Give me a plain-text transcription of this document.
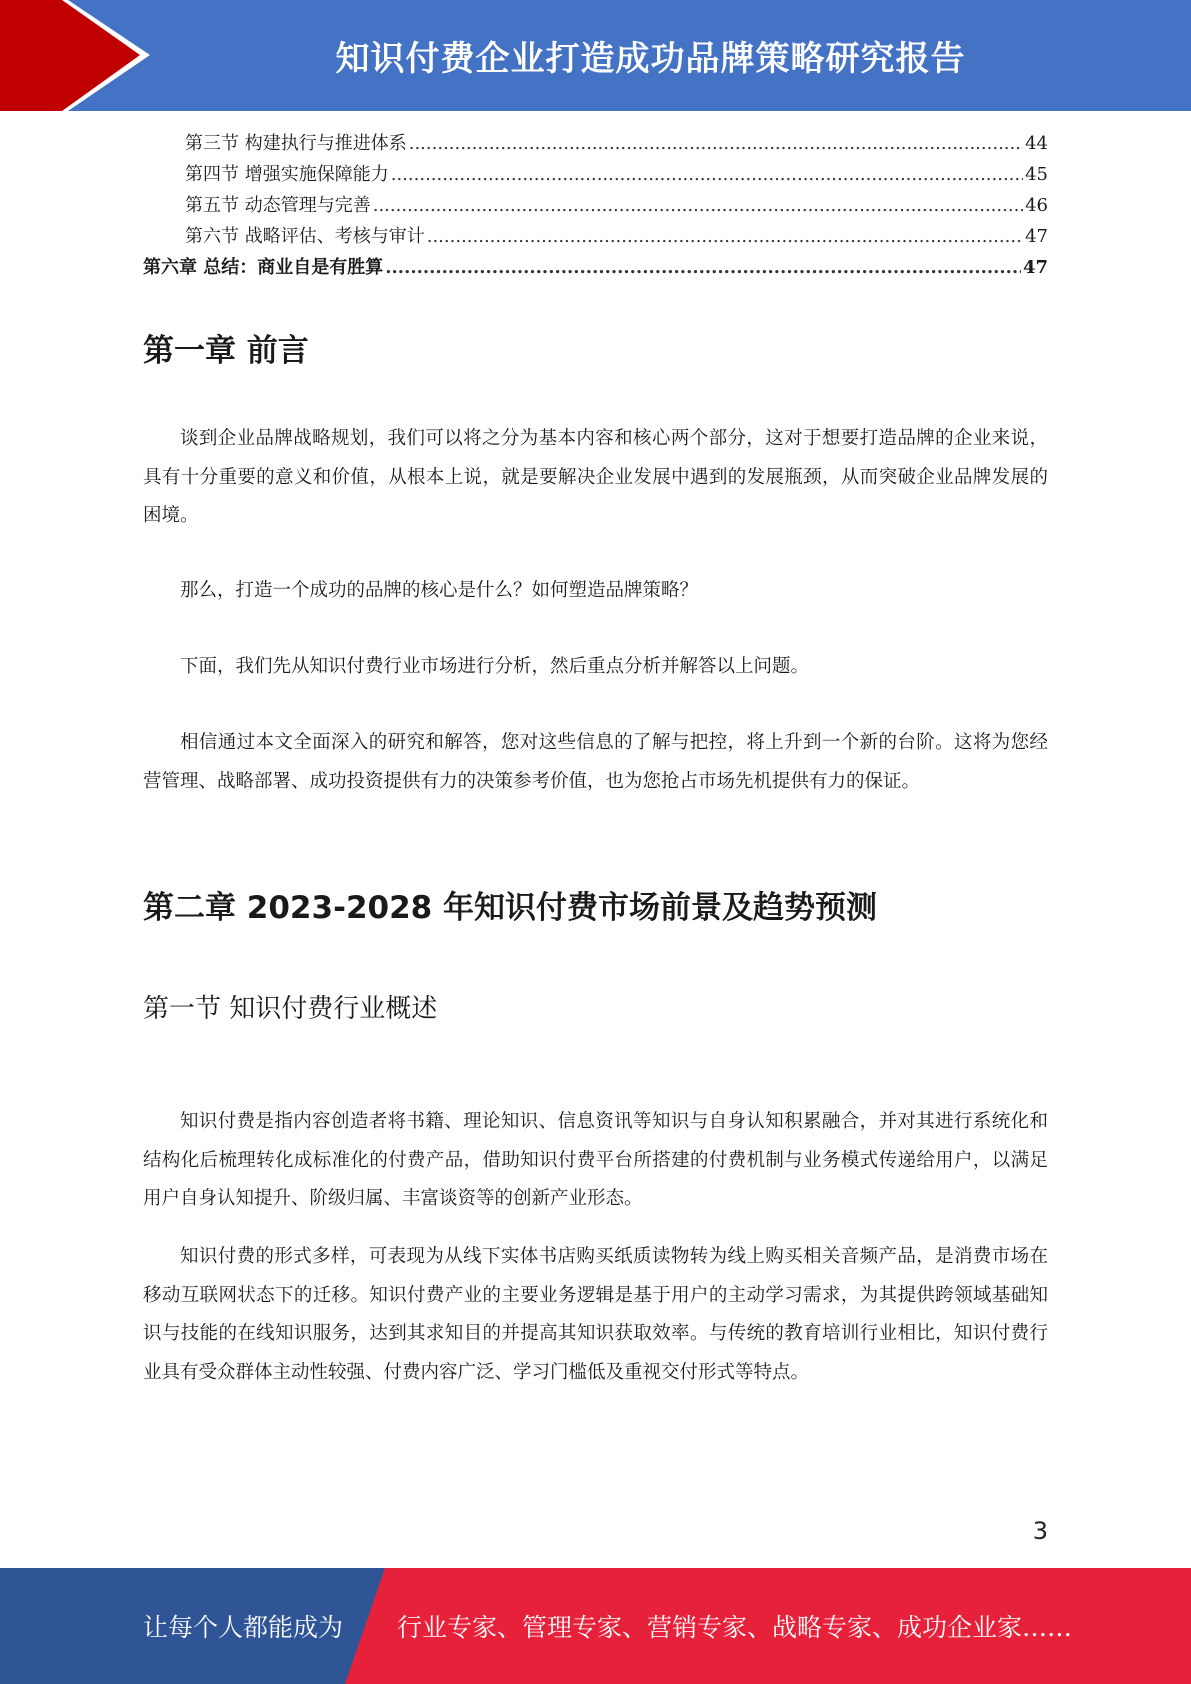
知识付费企业打造成功品牌策略研究报告
第三节 构建执行与推进体系 .....	44
第四节 增强实施保障能力 .....	45
第五节 动态管理与完善 .....	46
第六节 战略评估、考核与审计 .....	47
第六章 总结：商业自是有胜算 .....	47
第一章 前言

谈到企业品牌战略规划，我们可以将之分为基本内容和核心两个部分，这对于想要打造品牌的企业来说，具有十分重要的意义和价值，从根本上说，就是要解决企业发展中遇到的发展瓶颈，从而突破企业品牌发展的困境。

那么，打造一个成功的品牌的核心是什么？如何塑造品牌策略？

下面，我们先从知识付费行业市场进行分析，然后重点分析并解答以上问题。

相信通过本文全面深入的研究和解答，您对这些信息的了解与把控，将上升到一个新的台阶。这将为您经营管理、战略部署、成功投资提供有力的决策参考价值，也为您抢占市场先机提供有力的保证。

第二章 2023-2028 年知识付费市场前景及趋势预测
第一节 知识付费行业概述

知识付费是指内容创造者将书籍、理论知识、信息资讯等知识与自身认知积累融合，并对其进行系统化和结构化后梳理转化成标准化的付费产品，借助知识付费平台所搭建的付费机制与业务模式传递给用户，以满足用户自身认知提升、阶级归属、丰富谈资等的创新产业形态。

知识付费的形式多样，可表现为从线下实体书店购买纸质读物转为线上购买相关音频产品，是消费市场在移动互联网状态下的迁移。知识付费产业的主要业务逻辑是基于用户的主动学习需求，为其提供跨领域基础知识与技能的在线知识服务，达到其求知目的并提高其知识获取效率。与传统的教育培训行业相比，知识付费行业具有受众群体主动性较强、付费内容广泛、学习门槛低及重视交付形式等特点。

3
让每个人都能成为 行业专家、管理专家、营销专家、战略专家、成功企业家……
